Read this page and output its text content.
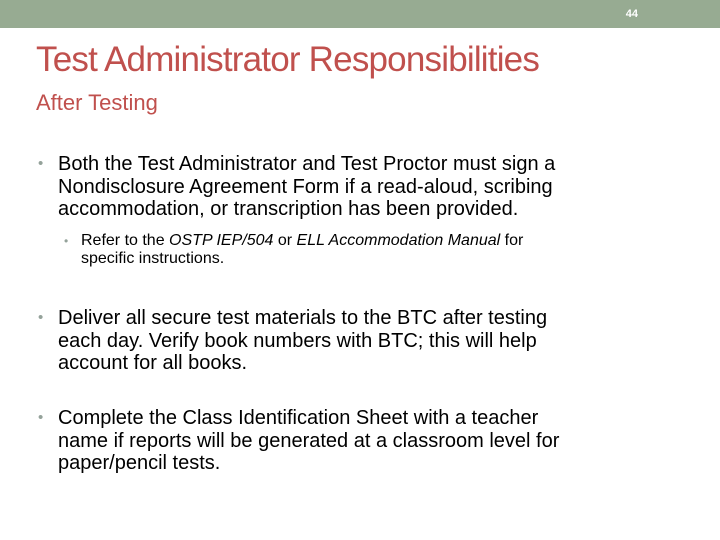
44
Test Administrator Responsibilities
After Testing
• Both the Test Administrator and Test Proctor must sign a
Nondisclosure Agreement Form if a read-aloud, scribing
accommodation, or transcription has been provided.
• Refer to the OSTP IEP/504 or ELL Accommodation Manual for
specific instructions.
• Deliver all secure test materials to the BTC after testing
each day. Verify book numbers with BTC; this will help
account for all books.
• Complete the Class Identification Sheet with a teacher
name if reports will be generated at a classroom level for
paper/pencil tests.
